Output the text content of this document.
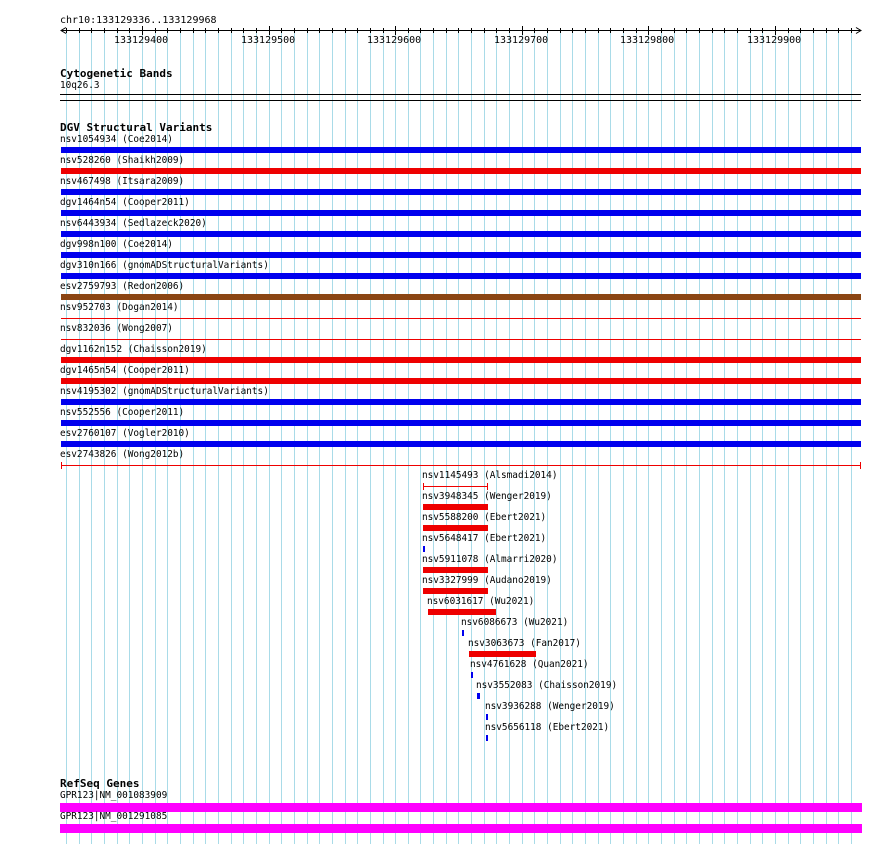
chr10:133129336..133129968
133129400	133129500	133129600	133129700	133129800	133129900
Cytogenetic Bands
10q26.3
DGV Structural Variants
nsv1054934 (Coe2014)
nsv528260 (Shaikh2009)
nsv467498 (Itsara2009)
dgv1464n54 (Cooper2011)
nsv6443934 (Sedlazeck2020)
dgv998n100 (Coe2014)
dgv310n166 (gnomADStructuralVariants)
esv2759793 (Redon2006)
nsv952703 (Dogan2014)
nsv832036 (Wong2007)
dgv1162n152 (Chaisson2019)
dgv1465n54 (Cooper2011)
nsv4195302 (gnomADStructuralVariants)
nsv552556 (Cooper2011)
esv2760107 (Vogler2010)
esv2743826 (Wong2012b)
nsv1145493 (Alsmadi2014)
nsv3948345 (Wenger2019)
nsv5588200 (Ebert2021)
nsv5648417 (Ebert2021)
nsv5911078 (Almarri2020)
nsv3327999 (Audano2019)
nsv6031617 (Wu2021)
nsv6086673 (Wu2021)
nsv3063673 (Fan2017)
nsv4761628 (Quan2021)
nsv3552083 (Chaisson2019)
nsv3936288 (Wenger2019)
nsv5656118 (Ebert2021)
GPR123|NM_001083909
GPR123|NM_001291085
RefSeq Genes
